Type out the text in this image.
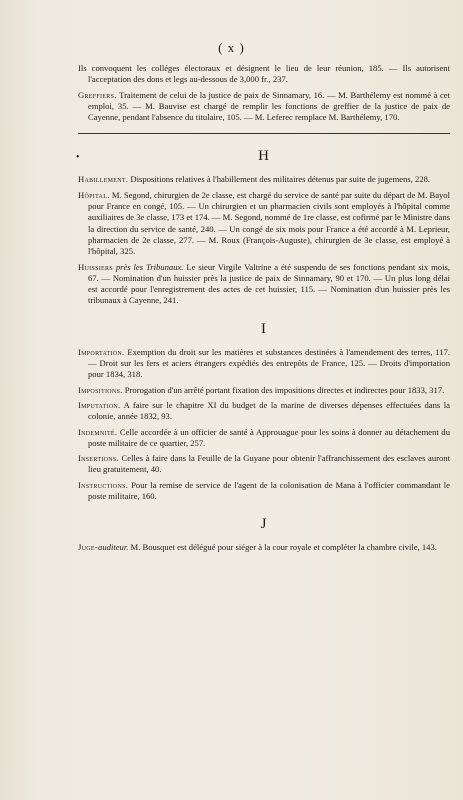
( x )

Ils convoquent les colléges électoraux et désignent le lieu de leur réunion, 185. — Ils autorisent l'acceptation des dons et legs au-dessous de 3,000 fr., 237.

Greffiers. Traitement de celui de la justice de paix de Sinnamary, 16. — M. Barthélemy est nommé à cet emploi, 35. — M. Bauvise est chargé de remplir les fonctions de greffier de la justice de paix de Cayenne, pendant l'absence du titulaire, 105. — M. Leferec remplace M. Barthélemy, 170.

•	H

Habillement. Dispositions relatives à l'habillement des militaires détenus par suite de jugemens, 228.

Hôpital. M. Segond, chirurgien de 2e classe, est chargé du service de santé par suite du départ de M. Bayol pour France en congé, 105. — Un chirurgien et un pharmacien civils sont employés à l'hôpital comme auxiliaires de 3e classe, 173 et 174. — M. Segond, nommé de 1re classe, est cofirmé par le Ministre dans la direction du service de santé, 240. — Un congé de six mois pour France a été accordé à M. Leprieur, pharmacien de 2e classe, 277. — M. Roux (François-Auguste), chirurgien de 3e classe, est employé à l'hôpital, 325.

Huissiers près les Tribunaux. Le sieur Virgile Valtrine a été suspendu de ses fonctions pendant six mois, 67. — Nomination d'un huissier près la justice de paix de Sinnamary, 90 et 170. — Un plus long délai est accordé pour l'enregistrement des actes de cet huissier, 115. — Nomination d'un huissier près les tribunaux à Cayenne, 241.

I

Importation. Exemption du droit sur les matières et substances destinées à l'amendement des terres, 117. — Droit sur les fers et aciers étrangers expédiés des entrepôts de France, 125. — Droits d'importation pour 1834, 318.

Impositions. Prorogation d'un arrêté portant fixation des impositions directes et indirectes pour 1833, 317.

Imputation. A faire sur le chapitre XI du budget de la marine de diverses dépenses effectuées dans la colonie, année 1832, 93.

Indemnité. Celle accordée à un officier de santé à Approuague pour les soins à donner au détachement du poste militaire de ce quartier, 257.

Insertions. Celles à faire dans la Feuille de la Guyane pour obtenir l'affranchissement des esclaves auront lieu gratuitement, 40.

Instructions. Pour la remise de service de l'agent de la colonisation de Mana à l'officier commandant le poste militaire, 160.

J

Juge-auditeur. M. Bousquet est délégué pour siéger à la cour royale et compléter la chambre civile, 143.
